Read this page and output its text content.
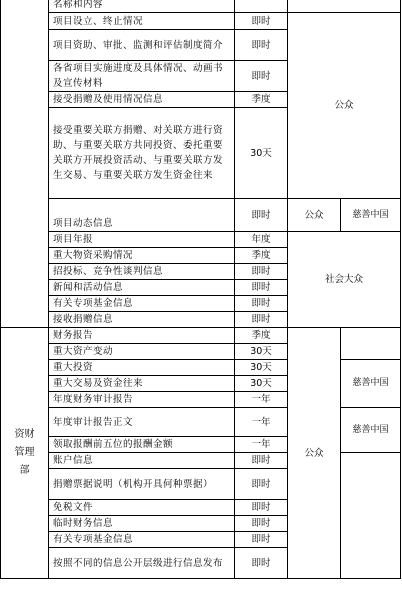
	名称和内容			
	项目设立、终止情况	即时	公众	
	项目资助、审批、监测和评估制度简介	即时		
	各省项目实施进度及具体情况、动画书及宣传材料	即时		
	接受捐赠及使用情况信息	季度		
	接受重要关联方捐赠、对关联方进行资助、与重要关联方共同投资、委托重要关联方开展投资活动、与重要关联方发生交易、与重要关联方发生资金往来	30天		
	项目动态信息	即时	公众	慈善中国
	项目年报	年度	社会大众	

	重大物资采购情况	季度		
	招投标、竞争性谈判信息	即时		
	新闻和活动信息	即时		
	有关专项基金信息	即时		
	接收捐赠信息	即时		

资财管理部	财务报告	季度	公众	
	重大资产变动	30天		
	重大投资	30天		慈善中国
	重大交易及资金往来	30天		
	年度财务审计报告	一年		
	年度审计报告正文	一年		慈善中国
	领取报酬前五位的报酬金额	一年		
	账户信息	即时		
	捐赠票据说明（机构开具何种票据）	即时		
	免税文件	即时		
	临时财务信息	即时		
	有关专项基金信息	即时		
	按照不同的信息公开层级进行信息发布	即时		
